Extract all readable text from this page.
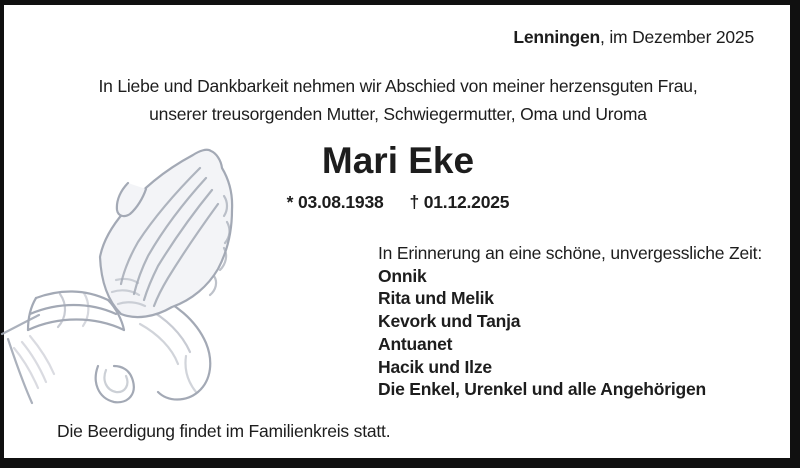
Lenningen, im Dezember 2025
In Liebe und Dankbarkeit nehmen wir Abschied von meiner herzensguten Frau,
unserer treusorgenden Mutter, Schwiegermutter, Oma und Uroma
Mari Eke
* 03.08.1938 † 01.12.2025
In Erinnerung an eine schöne, unvergessliche Zeit:
Onnik
Rita und Melik
Kevork und Tanja
Antuanet
Hacik und Ilze
Die Enkel, Urenkel und alle Angehörigen
Die Beerdigung findet im Familienkreis statt.
